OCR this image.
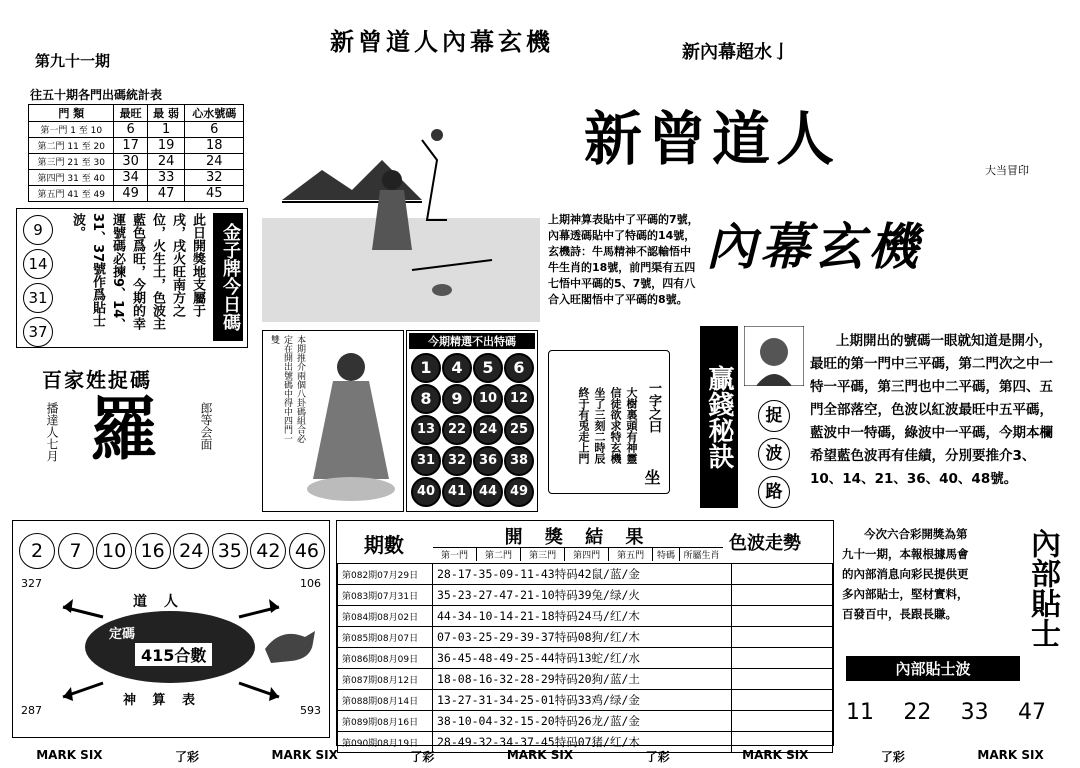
新曾道人內幕玄機	新內幕超水亅
第九十一期
往五十期各門出碼統計表
門 類	最旺	最 弱	心水號碼
第一門 1 至 10	6	1	6
第二門 11 至 20	17	19	18
第三門 21 至 30	30	24	24
第四門 31 至 40	34	33	32
第五門 41 至 49	49	47	45
9 14 31 37
此日開獎地支屬于戌，戌火旺南方之位，火生土，色波主藍色爲旺，今期的幸運號碼必揀9、14、31、37號作爲貼士波。	金子牌今日碼
百家姓捉碼
播達人七月 羅	郎等会面
上期神算表貼中了平碼的7號，內幕透碼貼中了特碼的14號，玄機詩：牛馬精神不認輸悟中牛生肖的18號，前門渠有五四七悟中平碼的5、7號，四有八合入旺閣悟中了平碼的8號。
新曾道人	大当冒印
內幕玄機
本期推介兩個八卦碼組合必定在開出號碼中得中四門一雙	今期精選不出特碼
1	4	5	6
8	9	10 12
13 22 24 25
31 32 36 38
40 41 44 49
一字之曰
坐
大樹裏頭有神靈
信徒欲求特玄機
坐了三刻二時辰
終于有兎走上門	贏錢秘訣	捉 波 路
上期開出的號碼一眼就知道是開小，最旺的第一門中三平碼，第二門次之中一特一平碼，第三門也中二平碼，第四、五門全部落空，色波以紅波最旺中五平碼，藍波中一特碼，綠波中一平碼，今期本欄希望藍色波再有佳績，分別要推介3、10、14、21、36、40、48號。
2	7	10 16 24 35 42 46
327	106
287	593
道 人
定碼
415合數
神 算 表
期數	開 獎 結 果	色波走勢
第一門	第二門	第三門	第四門	第五門	特碼 所屬生肖
第082期07月29日	28-17-35-09-11-43特码42鼠/蓝/金	
第083期07月31日	35-23-27-47-21-10特码39兔/绿/火	
第084期08月02日	44-34-10-14-21-18特码24马/红/木	
第085期08月07日	07-03-25-29-39-37特码08狗/红/木	
第086期08月09日	36-45-48-49-25-44特码13蛇/红/水	
第087期08月12日	18-08-16-32-28-29特码20狗/蓝/土	
第088期08月14日	13-27-31-34-25-01特码33鸡/绿/金	
第089期08月16日	38-10-04-32-15-20特码26龙/蓝/金	
第090期08月19日	28-49-32-34-37-45特码07猪/红/木	
今次六合彩開獎為第九十一期，本報根據馬會的內部消息向彩民提供更多內部貼士，堅材實料，百發百中，長跟長賺。	內部貼士
內部貼士波
11 22 33 47
MARK SIX	了彩	MARK SIX	了彩	MARK SIX	了彩	MARK SIX	了彩	MARK SIX
